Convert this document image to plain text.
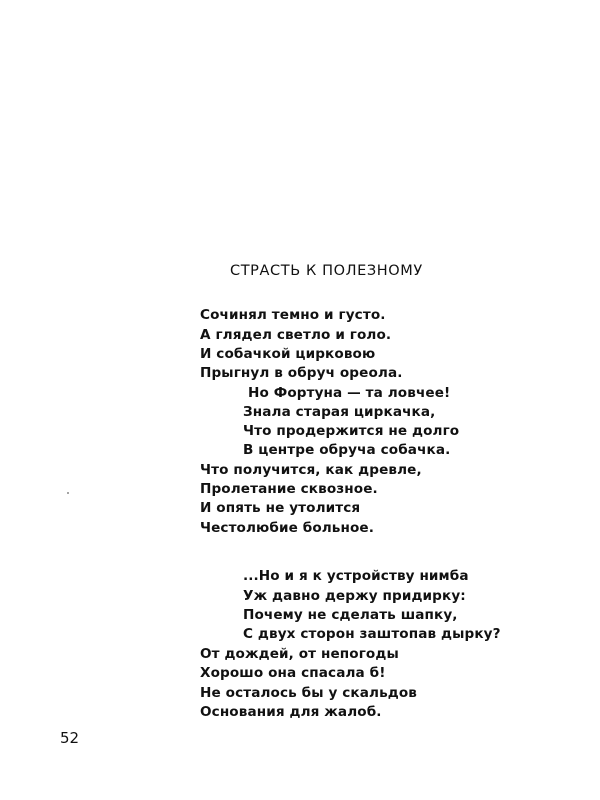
СТРАСТЬ К ПОЛЕЗНОМУ
Сочинял темно и густо.
А глядел светло и голо.
И собачкой цирковою
Прыгнул в обруч ореола.
Но Фортуна — та ловчее!
Знала старая циркачка,
Что продержится не долго
В центре обруча собачка.
Что получится, как древле,
Пролетание сквозное.
И опять не утолится
Честолюбие больное.
...Но и я к устройству нимба
Уж давно держу придирку:
Почему не сделать шапку,
С двух сторон заштопав дырку?
От дождей, от непогоды
Хорошо она спасала б!
Не осталось бы у скальдов
Основания для жалоб.
52
